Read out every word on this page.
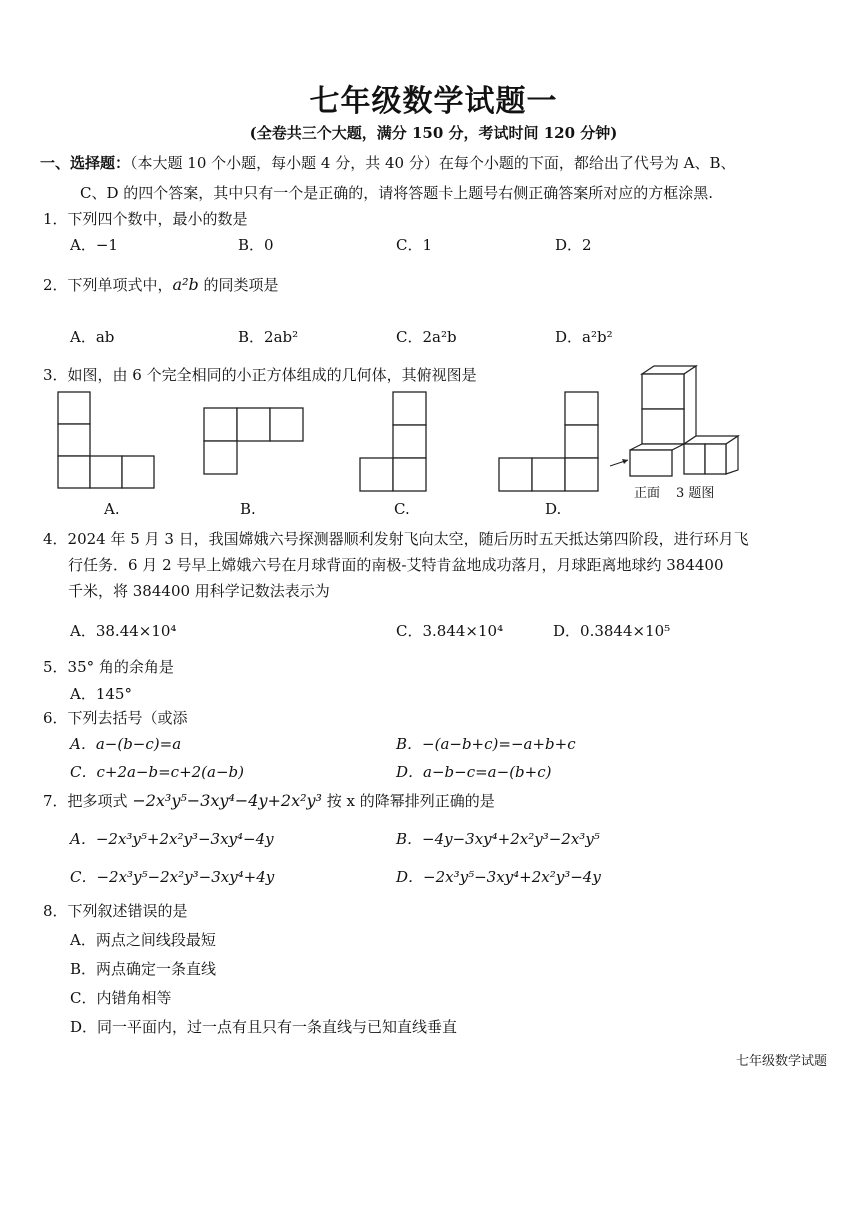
七年级数学试题一
(全卷共三个大题，满分 150 分，考试时间 120 分钟)
一、选择题：（本大题 10 个小题，每小题 4 分，共 40 分）在每个小题的下面，都给出了代号为 A、B、
C、D 的四个答案，其中只有一个是正确的，请将答题卡上题号右侧正确答案所对应的方框涂黑.
1．下列四个数中，最小的数是
A．−1	B．0	C．1	D．2
2．下列单项式中，a²b 的同类项是
A．ab	B．2ab²	C．2a²b	D．a²b²
3．如图，由 6 个完全相同的小正方体组成的几何体，其俯视图是
A.	B.	C.	D.
正面 3 题图
4．2024 年 5 月 3 日，我国嫦娥六号探测器顺利发射飞向太空，随后历时五天抵达第四阶段，进行环月飞
行任务．6 月 2 号早上嫦娥六号在月球背面的南极-艾特肯盆地成功落月，月球距离地球约 384400
千米，将 384400 用科学记数法表示为
A．38.44×10⁴	C．3.844×10⁴	D．0.3844×10⁵
5．35° 角的余角是
A．145°
6．下列去括号（或添
A．a−(b−c)=a	B．−(a−b+c)=−a+b+c
C．c+2a−b=c+2(a−b)	D．a−b−c=a−(b+c)
7．把多项式 −2x³y⁵−3xy⁴−4y+2x²y³ 按 x 的降幂排列正确的是
A．−2x³y⁵+2x²y³−3xy⁴−4y	B．−4y−3xy⁴+2x²y³−2x³y⁵
C．−2x³y⁵−2x²y³−3xy⁴+4y	D．−2x³y⁵−3xy⁴+2x²y³−4y
8．下列叙述错误的是
A．两点之间线段最短
B．两点确定一条直线
C．内错角相等
D．同一平面内，过一点有且只有一条直线与已知直线垂直
七年级数学试题
